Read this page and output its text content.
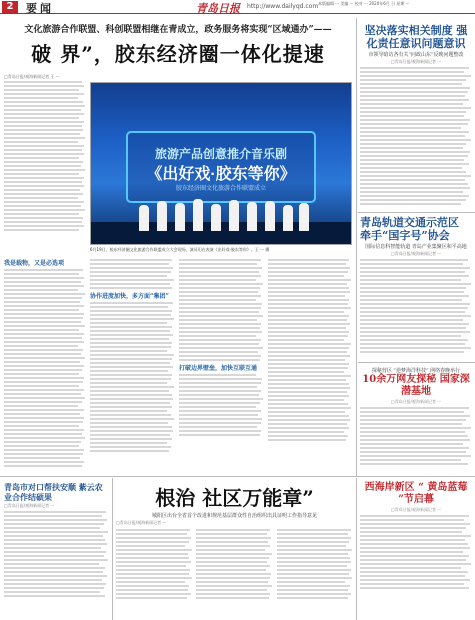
2	要闻	青岛日报 http://www.dailyqd.com 本版编辑 ··· 美编 ··· 校对 ··· 2020年6月 日 星期 ···
文化旅游合作联盟、科创联盟相继在青成立，政务服务将实现“区域通办”——
破 界”，胶东经济圈一体化提速
□青岛日报/观海新闻记者 王 ···
旅游产品创意推介音乐剧
《出好戏·胶东等你》
胶东经济圈文化旅游合作联盟成立
6月19日，胶东经济圈文化旅游合作联盟成立大会现场，演员们在表演《出好戏·胶东等你》。王 ··· 摄
我是载物，又是必选项
协作进度加快，多方面“集团”
打破边界壁垒，加快互联互通
坚决落实相关制度 强化责任意识问题意识
市领导暗访各有关“问政山东”反映问题整改
□青岛日报/观海新闻记者 ···
青岛轨道交通示范区 牵手“国字号”协会
国际信息科智能轨道 青岛产业集聚区和平高地
□青岛日报/观海新闻记者 ···
探秘营区 “逆梦海洋科技” 网络春晚举行
10余万网友探秘 国家深潜基地
□青岛日报/观海新闻记者 ···
青岛市对口帮扶安顺 紫云农业合作结硕果
□青岛日报/观海新闻记者 ···	根治 社区万能章”
城阳区出台全省首个改进和规范基层群众性自治组织出具证明工作指导意见
□青岛日报/观海新闻记者 ···
西海岸新区 “ 黄岛蓝莓 ”节启幕
□青岛日报/观海新闻记者 ···
